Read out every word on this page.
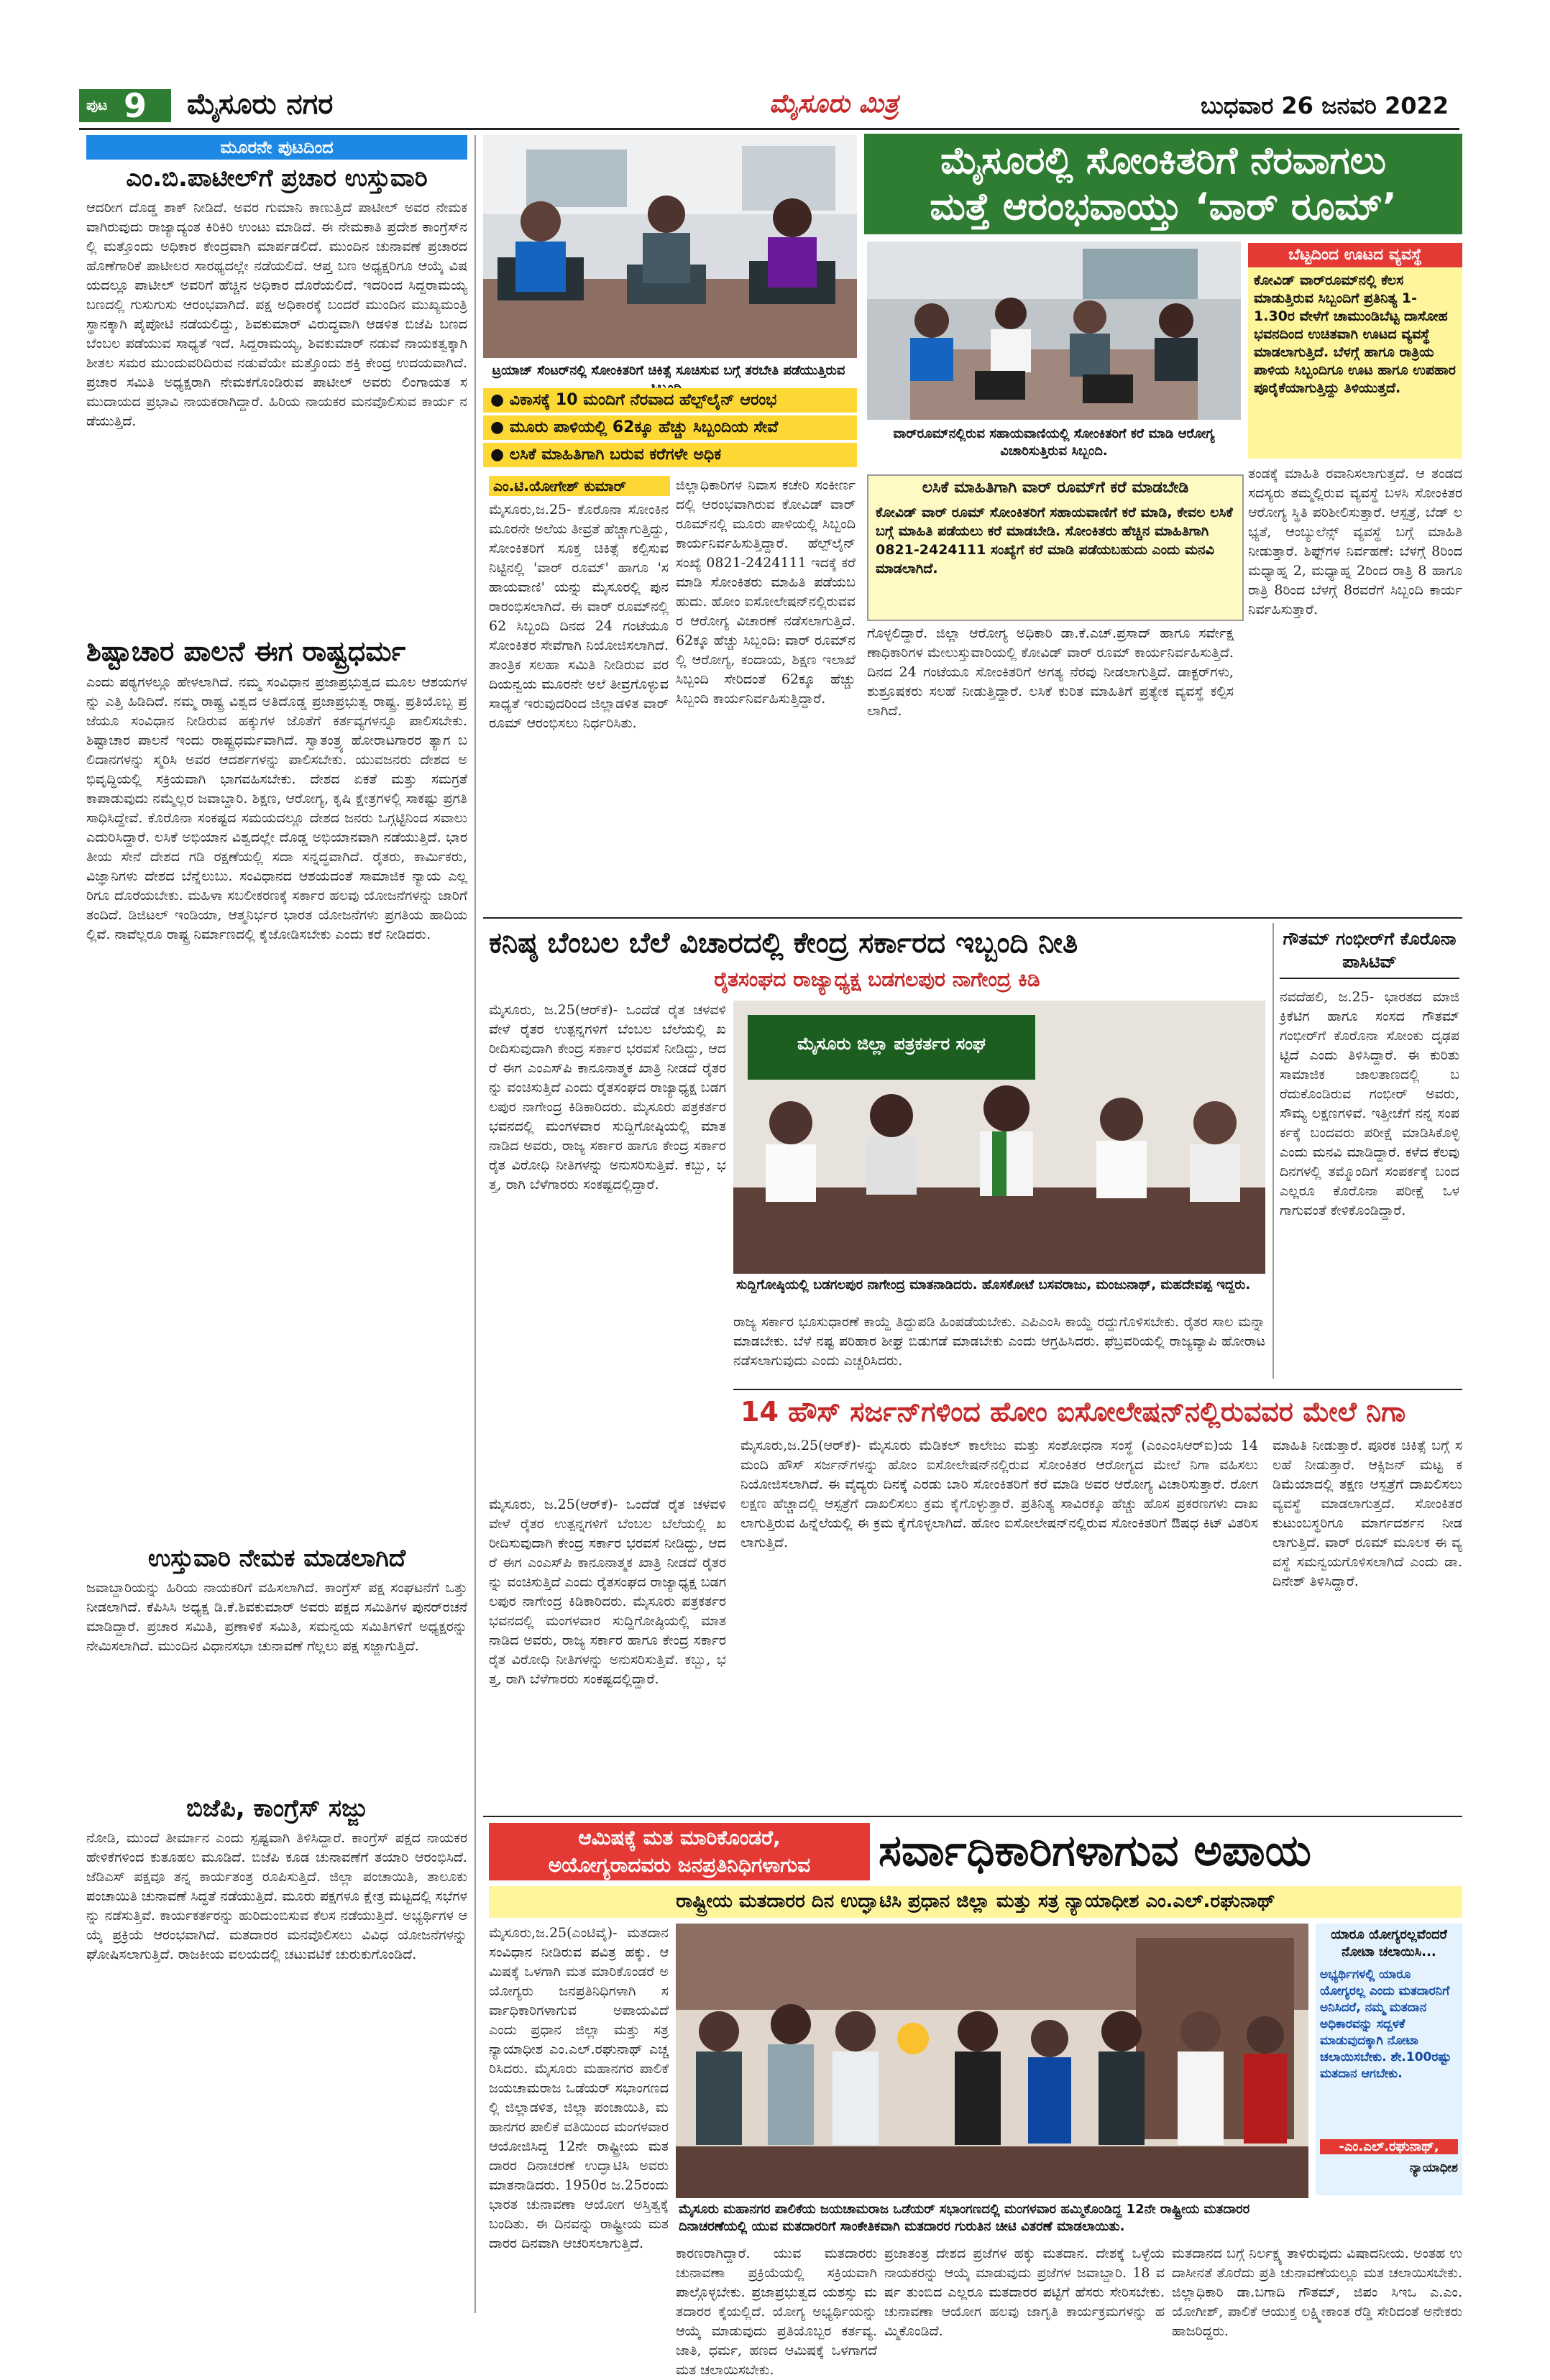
ಪುಟ 9 ಮೈಸೂರು ನಗರ	ಮೈಸೂರು ಮಿತ್ರ	ಬುಧವಾರ 26 ಜನವರಿ 2022
ಮೂರನೇ ಪುಟದಿಂದ
ಎಂ.ಬಿ.ಪಾಟೀಲ್‌ಗೆ ಪ್ರಚಾರ ಉಸ್ತುವಾರಿ
ಆದರೀಗ ದೊಡ್ಡ ಶಾಕ್ ನೀಡಿದೆ. ಅವರ ಗುಮಾನಿ ಕಾಣುತ್ತಿದೆ ಪಾಟೀಲ್ ಅವರ ನೇಮಕ ವಾಗಿರುವುದು ರಾಜ್ಯಾದ್ಯಂತ ಕಿರಿಕಿರಿ ಉಂಟು ಮಾಡಿದೆ. ಈ ನೇಮಕಾತಿ ಪ್ರದೇಶ ಕಾಂಗ್ರೆಸ್‌ನಲ್ಲಿ ಮತ್ತೊಂದು ಅಧಿಕಾರ ಕೇಂದ್ರವಾಗಿ ಮಾರ್ಪಡಲಿದೆ. ಮುಂದಿನ ಚುನಾವಣೆ ಪ್ರಚಾರದ ಹೊಣೆಗಾರಿಕೆ ಪಾಟೀಲರ ಸಾರಥ್ಯದಲ್ಲೇ ನಡೆಯಲಿದೆ. ಆಪ್ತ ಬಣ ಅಧ್ಯಕ್ಷರಿಗೂ ಆಯ್ಕೆ ವಿಷಯದಲ್ಲೂ ಪಾಟೀಲ್ ಅವರಿಗೆ ಹೆಚ್ಚಿನ ಅಧಿಕಾರ ದೊರೆಯಲಿದೆ. ಇದರಿಂದ ಸಿದ್ದರಾಮಯ್ಯ ಬಣದಲ್ಲಿ ಗುಸುಗುಸು ಆರಂಭವಾಗಿದೆ. ಪಕ್ಷ ಅಧಿಕಾರಕ್ಕೆ ಬಂದರೆ ಮುಂದಿನ ಮುಖ್ಯಮಂತ್ರಿ ಸ್ಥಾನಕ್ಕಾಗಿ ಪೈಪೋಟಿ ನಡೆಯಲಿದ್ದು, ಶಿವಕುಮಾರ್ ವಿರುದ್ಧವಾಗಿ ಆಡಳಿತ ಬಿಜೆಪಿ ಬಣದ ಬೆಂಬಲ ಪಡೆಯುವ ಸಾಧ್ಯತೆ ಇದೆ. ಸಿದ್ದರಾಮಯ್ಯ, ಶಿವಕುಮಾರ್ ನಡುವೆ ನಾಯಕತ್ವಕ್ಕಾಗಿ ಶೀತಲ ಸಮರ ಮುಂದುವರಿದಿರುವ ನಡುವೆಯೇ ಮತ್ತೊಂದು ಶಕ್ತಿ ಕೇಂದ್ರ ಉದಯವಾಗಿದೆ. ಪ್ರಚಾರ ಸಮಿತಿ ಅಧ್ಯಕ್ಷರಾಗಿ ನೇಮಕಗೊಂಡಿರುವ ಪಾಟೀಲ್ ಅವರು ಲಿಂಗಾಯತ ಸಮುದಾಯದ ಪ್ರಭಾವಿ ನಾಯಕರಾಗಿದ್ದಾರೆ. ಹಿರಿಯ ನಾಯಕರ ಮನವೊಲಿಸುವ ಕಾರ್ಯ ನಡೆಯುತ್ತಿದೆ.
ಶಿಷ್ಟಾಚಾರ ಪಾಲನೆ ಈಗ ರಾಷ್ಟ್ರಧರ್ಮ
ಎಂದು ಪಠ್ಯಗಳಲ್ಲೂ ಹೇಳಲಾಗಿದೆ. ನಮ್ಮ ಸಂವಿಧಾನ ಪ್ರಜಾಪ್ರಭುತ್ವದ ಮೂಲ ಆಶಯಗಳನ್ನು ಎತ್ತಿ ಹಿಡಿದಿದೆ. ನಮ್ಮ ರಾಷ್ಟ್ರ ವಿಶ್ವದ ಅತಿದೊಡ್ಡ ಪ್ರಜಾಪ್ರಭುತ್ವ ರಾಷ್ಟ್ರ. ಪ್ರತಿಯೊಬ್ಬ ಪ್ರಜೆಯೂ ಸಂವಿಧಾನ ನೀಡಿರುವ ಹಕ್ಕುಗಳ ಜೊತೆಗೆ ಕರ್ತವ್ಯಗಳನ್ನೂ ಪಾಲಿಸಬೇಕು. ಶಿಷ್ಟಾಚಾರ ಪಾಲನೆ ಇಂದು ರಾಷ್ಟ್ರಧರ್ಮವಾಗಿದೆ. ಸ್ವಾತಂತ್ರ್ಯ ಹೋರಾಟಗಾರರ ತ್ಯಾಗ ಬಲಿದಾನಗಳನ್ನು ಸ್ಮರಿಸಿ ಅವರ ಆದರ್ಶಗಳನ್ನು ಪಾಲಿಸಬೇಕು. ಯುವಜನರು ದೇಶದ ಅಭಿವೃದ್ಧಿಯಲ್ಲಿ ಸಕ್ರಿಯವಾಗಿ ಭಾಗವಹಿಸಬೇಕು. ದೇಶದ ಏಕತೆ ಮತ್ತು ಸಮಗ್ರತೆ ಕಾಪಾಡುವುದು ನಮ್ಮೆಲ್ಲರ ಜವಾಬ್ದಾರಿ. ಶಿಕ್ಷಣ, ಆರೋಗ್ಯ, ಕೃಷಿ ಕ್ಷೇತ್ರಗಳಲ್ಲಿ ಸಾಕಷ್ಟು ಪ್ರಗತಿ ಸಾಧಿಸಿದ್ದೇವೆ. ಕೊರೊನಾ ಸಂಕಷ್ಟದ ಸಮಯದಲ್ಲೂ ದೇಶದ ಜನರು ಒಗ್ಗಟ್ಟಿನಿಂದ ಸವಾಲು ಎದುರಿಸಿದ್ದಾರೆ. ಲಸಿಕೆ ಅಭಿಯಾನ ವಿಶ್ವದಲ್ಲೇ ದೊಡ್ಡ ಅಭಿಯಾನವಾಗಿ ನಡೆಯುತ್ತಿದೆ. ಭಾರತೀಯ ಸೇನೆ ದೇಶದ ಗಡಿ ರಕ್ಷಣೆಯಲ್ಲಿ ಸದಾ ಸನ್ನದ್ಧವಾಗಿದೆ. ರೈತರು, ಕಾರ್ಮಿಕರು, ವಿಜ್ಞಾನಿಗಳು ದೇಶದ ಬೆನ್ನೆಲುಬು. ಸಂವಿಧಾನದ ಆಶಯದಂತೆ ಸಾಮಾಜಿಕ ನ್ಯಾಯ ಎಲ್ಲರಿಗೂ ದೊರೆಯಬೇಕು. ಮಹಿಳಾ ಸಬಲೀಕರಣಕ್ಕೆ ಸರ್ಕಾರ ಹಲವು ಯೋಜನೆಗಳನ್ನು ಜಾರಿಗೆ ತಂದಿದೆ. ಡಿಜಿಟಲ್ ಇಂಡಿಯಾ, ಆತ್ಮನಿರ್ಭರ ಭಾರತ ಯೋಜನೆಗಳು ಪ್ರಗತಿಯ ಹಾದಿಯಲ್ಲಿವೆ. ನಾವೆಲ್ಲರೂ ರಾಷ್ಟ್ರ ನಿರ್ಮಾಣದಲ್ಲಿ ಕೈಜೋಡಿಸಬೇಕು ಎಂದು ಕರೆ ನೀಡಿದರು.
ಉಸ್ತುವಾರಿ ನೇಮಕ ಮಾಡಲಾಗಿದೆ
ಜವಾಬ್ದಾರಿಯನ್ನು ಹಿರಿಯ ನಾಯಕರಿಗೆ ವಹಿಸಲಾಗಿದೆ. ಕಾಂಗ್ರೆಸ್ ಪಕ್ಷ ಸಂಘಟನೆಗೆ ಒತ್ತು ನೀಡಲಾಗಿದೆ. ಕೆಪಿಸಿಸಿ ಅಧ್ಯಕ್ಷ ಡಿ.ಕೆ.ಶಿವಕುಮಾರ್ ಅವರು ಪಕ್ಷದ ಸಮಿತಿಗಳ ಪುನರ್‌ರಚನೆ ಮಾಡಿದ್ದಾರೆ. ಪ್ರಚಾರ ಸಮಿತಿ, ಪ್ರಣಾಳಿಕೆ ಸಮಿತಿ, ಸಮನ್ವಯ ಸಮಿತಿಗಳಿಗೆ ಅಧ್ಯಕ್ಷರನ್ನು ನೇಮಿಸಲಾಗಿದೆ. ಮುಂದಿನ ವಿಧಾನಸಭಾ ಚುನಾವಣೆ ಗೆಲ್ಲಲು ಪಕ್ಷ ಸಜ್ಜಾಗುತ್ತಿದೆ.
ಬಿಜೆಪಿ, ಕಾಂಗ್ರೆಸ್ ಸಜ್ಜು
ನೋಡಿ, ಮುಂದೆ ತೀರ್ಮಾನ ಎಂದು ಸ್ಪಷ್ಟವಾಗಿ ತಿಳಿಸಿದ್ದಾರೆ. ಕಾಂಗ್ರೆಸ್ ಪಕ್ಷದ ನಾಯಕರ ಹೇಳಿಕೆಗಳಿಂದ ಕುತೂಹಲ ಮೂಡಿದೆ. ಬಿಜೆಪಿ ಕೂಡ ಚುನಾವಣೆಗೆ ತಯಾರಿ ಆರಂಭಿಸಿದೆ. ಜೆಡಿಎಸ್ ಪಕ್ಷವೂ ತನ್ನ ಕಾರ್ಯತಂತ್ರ ರೂಪಿಸುತ್ತಿದೆ. ಜಿಲ್ಲಾ ಪಂಚಾಯಿತಿ, ತಾಲೂಕು ಪಂಚಾಯಿತಿ ಚುನಾವಣೆ ಸಿದ್ಧತೆ ನಡೆಯುತ್ತಿದೆ. ಮೂರು ಪಕ್ಷಗಳೂ ಕ್ಷೇತ್ರ ಮಟ್ಟದಲ್ಲಿ ಸಭೆಗಳನ್ನು ನಡೆಸುತ್ತಿವೆ. ಕಾರ್ಯಕರ್ತರನ್ನು ಹುರಿದುಂಬಿಸುವ ಕೆಲಸ ನಡೆಯುತ್ತಿದೆ. ಅಭ್ಯರ್ಥಿಗಳ ಆಯ್ಕೆ ಪ್ರಕ್ರಿಯೆ ಆರಂಭವಾಗಿದೆ. ಮತದಾರರ ಮನವೊಲಿಸಲು ವಿವಿಧ ಯೋಜನೆಗಳನ್ನು ಘೋಷಿಸಲಾಗುತ್ತಿದೆ. ರಾಜಕೀಯ ವಲಯದಲ್ಲಿ ಚಟುವಟಿಕೆ ಚುರುಕುಗೊಂಡಿದೆ.
ಟ್ರಯಾಜ್ ಸೆಂಟರ್‌ನಲ್ಲಿ ಸೋಂಕಿತರಿಗೆ ಚಿಕಿತ್ಸೆ ಸೂಚಿಸುವ ಬಗ್ಗೆ ತರಬೇತಿ ಪಡೆಯುತ್ತಿರುವ
ಮೈಸೂರಲ್ಲಿ ಸೋಂಕಿತರಿಗೆ ನೆರವಾಗಲು
ಮತ್ತೆ ಆರಂಭವಾಯ್ತು ‘ವಾರ್ ರೂಮ್’
ವಾರ್‌ರೂಮ್‌ನಲ್ಲಿರುವ ಸಹಾಯವಾಣಿಯಲ್ಲಿ ಸೋಂಕಿತರಿಗೆ ಕರೆ ಮಾಡಿ ಆರೋಗ್ಯ ವಿಚಾರಿಸುತ್ತಿರುವ ಸಿಬ್ಬಂದಿ.
ಬೆಟ್ಟದಿಂದ ಊಟದ ವ್ಯವಸ್ಥೆ
ಕೋವಿಡ್ ವಾರ್‌ರೂಮ್‌ನಲ್ಲಿ ಕೆಲಸ ಮಾಡುತ್ತಿರುವ ಸಿಬ್ಬಂದಿಗೆ ಪ್ರತಿನಿತ್ಯ 1-1.30ರ ವೇಳೆಗೆ ಚಾಮುಂಡಿಬೆಟ್ಟ ದಾಸೋಹ ಭವನದಿಂದ ಉಚಿತವಾಗಿ ಊಟದ ವ್ಯವಸ್ಥೆ ಮಾಡಲಾಗುತ್ತಿದೆ. ಬೆಳಗ್ಗೆ ಹಾಗೂ ರಾತ್ರಿಯ ಪಾಳಿಯ ಸಿಬ್ಬಂದಿಗೂ ಊಟ ಹಾಗೂ ಉಪಹಾರ ಪೂರೈಕೆಯಾಗುತ್ತಿದ್ದು ತಿಳಿಯುತ್ತದೆ.
● ವಿಕಾಸಕ್ಕೆ 10 ಮಂದಿಗೆ ನೆರವಾದ ಹೆಲ್ಪ್‌ಲೈನ್ ಆರಂಭ
● ಮೂರು ಪಾಳಿಯಲ್ಲಿ 62ಕ್ಕೂ ಹೆಚ್ಚು ಸಿಬ್ಬಂದಿಯ ಸೇವೆ
● ಲಸಿಕೆ ಮಾಹಿತಿಗಾಗಿ ಬರುವ ಕರೆಗಳೇ ಅಧಿಕ
ಎಂ.ಟಿ.ಯೋಗೇಶ್ ಕುಮಾರ್
ಮೈಸೂರು,ಜ.25- ಕೊರೊನಾ ಸೋಂಕಿನ ಮೂರನೇ ಅಲೆಯ ತೀವ್ರತೆ ಹೆಚ್ಚಾಗುತ್ತಿದ್ದು, ಸೋಂಕಿತರಿಗೆ ಸೂಕ್ತ ಚಿಕಿತ್ಸೆ ಕಲ್ಪಿಸುವ ನಿಟ್ಟಿನಲ್ಲಿ 'ವಾರ್ ರೂಮ್' ಹಾಗೂ 'ಸಹಾಯವಾಣಿ' ಯನ್ನು ಮೈಸೂರಲ್ಲಿ ಪುನರಾರಂಭಿಸಲಾಗಿದೆ. ಈ ವಾರ್ ರೂಮ್‌ನಲ್ಲಿ 62 ಸಿಬ್ಬಂದಿ ದಿನದ 24 ಗಂಟೆಯೂ ಸೋಂಕಿತರ ಸೇವೆಗಾಗಿ ನಿಯೋಜಿಸಲಾಗಿದೆ. ತಾಂತ್ರಿಕ ಸಲಹಾ ಸಮಿತಿ ನೀಡಿರುವ ವರದಿಯನ್ವಯ ಮೂರನೇ ಅಲೆ ತೀವ್ರಗೊಳ್ಳುವ ಸಾಧ್ಯತೆ ಇರುವುದರಿಂದ ಜಿಲ್ಲಾಡಳಿತ ವಾರ್ ರೂಮ್ ಆರಂಭಿಸಲು ನಿರ್ಧರಿಸಿತು.
ಜಿಲ್ಲಾಧಿಕಾರಿಗಳ ನಿವಾಸ ಕಚೇರಿ ಸಂಕೀರ್ಣದಲ್ಲಿ ಆರಂಭವಾಗಿರುವ ಕೋವಿಡ್ ವಾರ್ ರೂಮ್‌ನಲ್ಲಿ ಮೂರು ಪಾಳಿಯಲ್ಲಿ ಸಿಬ್ಬಂದಿ ಕಾರ್ಯನಿರ್ವಹಿಸುತ್ತಿದ್ದಾರೆ. ಹೆಲ್ಪ್‌ಲೈನ್ ಸಂಖ್ಯೆ 0821-2424111 ಇದಕ್ಕೆ ಕರೆ ಮಾಡಿ ಸೋಂಕಿತರು ಮಾಹಿತಿ ಪಡೆಯಬಹುದು. ಹೋಂ ಐಸೋಲೇಷನ್‌ನಲ್ಲಿರುವವರ ಆರೋಗ್ಯ ವಿಚಾರಣೆ ನಡೆಸಲಾಗುತ್ತಿದೆ. 62ಕ್ಕೂ ಹೆಚ್ಚು ಸಿಬ್ಬಂದಿ: ವಾರ್ ರೂಮ್‌ನಲ್ಲಿ ಆರೋಗ್ಯ, ಕಂದಾಯ, ಶಿಕ್ಷಣ ಇಲಾಖೆ ಸಿಬ್ಬಂದಿ ಸೇರಿದಂತೆ 62ಕ್ಕೂ ಹೆಚ್ಚು ಸಿಬ್ಬಂದಿ ಕಾರ್ಯನಿರ್ವಹಿಸುತ್ತಿದ್ದಾರೆ.
ಲಸಿಕೆ ಮಾಹಿತಿಗಾಗಿ ವಾರ್ ರೂಮ್‌ಗೆ ಕರೆ ಮಾಡಬೇಡಿ
ಕೋವಿಡ್ ವಾರ್ ರೂಮ್ ಸೋಂಕಿತರಿಗೆ ಸಹಾಯವಾಣಿಗೆ ಕರೆ ಮಾಡಿ, ಕೇವಲ ಲಸಿಕೆ ಬಗ್ಗೆ ಮಾಹಿತಿ ಪಡೆಯಲು ಕರೆ ಮಾಡಬೇಡಿ. ಸೋಂಕಿತರು ಹೆಚ್ಚಿನ ಮಾಹಿತಿಗಾಗಿ 0821-2424111 ಸಂಖ್ಯೆಗೆ ಕರೆ ಮಾಡಿ ಪಡೆಯಬಹುದು ಎಂದು ಮನವಿ ಮಾಡಲಾಗಿದೆ.
ಗೊಳ್ಳಲಿದ್ದಾರೆ. ಜಿಲ್ಲಾ ಆರೋಗ್ಯ ಅಧಿಕಾರಿ ಡಾ.ಕೆ.ಎಚ್.ಪ್ರಸಾದ್ ಹಾಗೂ ಸರ್ವೇಕ್ಷಣಾಧಿಕಾರಿಗಳ ಮೇಲುಸ್ತುವಾರಿಯಲ್ಲಿ ಕೋವಿಡ್ ವಾರ್ ರೂಮ್ ಕಾರ್ಯನಿರ್ವಹಿಸುತ್ತಿದೆ. ದಿನದ 24 ಗಂಟೆಯೂ ಸೋಂಕಿತರಿಗೆ ಅಗತ್ಯ ನೆರವು ನೀಡಲಾಗುತ್ತಿದೆ. ಡಾಕ್ಟರ್‌ಗಳು, ಶುಶ್ರೂಷಕರು ಸಲಹೆ ನೀಡುತ್ತಿದ್ದಾರೆ. ಲಸಿಕೆ ಕುರಿತ ಮಾಹಿತಿಗೆ ಪ್ರತ್ಯೇಕ ವ್ಯವಸ್ಥೆ ಕಲ್ಪಿಸಲಾಗಿದೆ.
ತಂಡಕ್ಕೆ ಮಾಹಿತಿ ರವಾನಿಸಲಾಗುತ್ತದೆ. ಆ ತಂಡದ ಸದಸ್ಯರು ತಮ್ಮಲ್ಲಿರುವ ವ್ಯವಸ್ಥೆ ಬಳಸಿ ಸೋಂಕಿತರ ಆರೋಗ್ಯ ಸ್ಥಿತಿ ಪರಿಶೀಲಿಸುತ್ತಾರೆ. ಆಸ್ಪತ್ರೆ, ಬೆಡ್ ಲಭ್ಯತೆ, ಆಂಬ್ಯುಲೆನ್ಸ್ ವ್ಯವಸ್ಥೆ ಬಗ್ಗೆ ಮಾಹಿತಿ ನೀಡುತ್ತಾರೆ. ಶಿಫ್ಟ್‌ಗಳ ನಿರ್ವಹಣೆ: ಬೆಳಗ್ಗೆ 8ರಿಂದ ಮಧ್ಯಾಹ್ನ 2, ಮಧ್ಯಾಹ್ನ 2ರಿಂದ ರಾತ್ರಿ 8 ಹಾಗೂ ರಾತ್ರಿ 8ರಿಂದ ಬೆಳಗ್ಗೆ 8ರವರೆಗೆ ಸಿಬ್ಬಂದಿ ಕಾರ್ಯನಿರ್ವಹಿಸುತ್ತಾರೆ.
ಕನಿಷ್ಠ ಬೆಂಬಲ ಬೆಲೆ ವಿಚಾರದಲ್ಲಿ ಕೇಂದ್ರ ಸರ್ಕಾರದ ಇಬ್ಬಂದಿ ನೀತಿ
ರೈತಸಂಘದ ರಾಜ್ಯಾಧ್ಯಕ್ಷ ಬಡಗಲಪುರ ನಾಗೇಂದ್ರ ಕಿಡಿ
ಮೈಸೂರು, ಜ.25(ಆರ್‌ಕೆ)- ಒಂದೆಡೆ ರೈತ ಚಳವಳಿ ವೇಳೆ ರೈತರ ಉತ್ಪನ್ನಗಳಿಗೆ ಬೆಂಬಲ ಬೆಲೆಯಲ್ಲಿ ಖರೀದಿಸುವುದಾಗಿ ಕೇಂದ್ರ ಸರ್ಕಾರ ಭರವಸೆ ನೀಡಿದ್ದು, ಆದರೆ ಈಗ ಎಂಎಸ್‌ಪಿ ಕಾನೂನಾತ್ಮಕ ಖಾತ್ರಿ ನೀಡದೆ ರೈತರನ್ನು ವಂಚಿಸುತ್ತಿದೆ ಎಂದು ರೈತಸಂಘದ ರಾಜ್ಯಾಧ್ಯಕ್ಷ ಬಡಗಲಪುರ ನಾಗೇಂದ್ರ ಕಿಡಿಕಾರಿದರು. ಮೈಸೂರು ಪತ್ರಕರ್ತರ ಭವನದಲ್ಲಿ ಮಂಗಳವಾರ ಸುದ್ದಿಗೋಷ್ಠಿಯಲ್ಲಿ ಮಾತನಾಡಿದ ಅವರು, ರಾಜ್ಯ ಸರ್ಕಾರ ಹಾಗೂ ಕೇಂದ್ರ ಸರ್ಕಾರ ರೈತ ವಿರೋಧಿ ನೀತಿಗಳನ್ನು ಅನುಸರಿಸುತ್ತಿವೆ. ಕಬ್ಬು, ಭತ್ತ, ರಾಗಿ ಬೆಳೆಗಾರರು ಸಂಕಷ್ಟದಲ್ಲಿದ್ದಾರೆ.
ಮೈಸೂರು ಜಿಲ್ಲಾ ಪತ್ರಕರ್ತರ ಸಂಘ
ರಾಜ್ಯ ಸರ್ಕಾರ ಭೂಸುಧಾರಣೆ ಕಾಯ್ದೆ ತಿದ್ದುಪಡಿ ಹಿಂಪಡೆಯಬೇಕು. ಎಪಿಎಂಸಿ ಕಾಯ್ದೆ ರದ್ದುಗೊಳಿಸಬೇಕು. ರೈತರ ಸಾಲ ಮನ್ನಾ ಮಾಡಬೇಕು. ಬೆಳೆ ನಷ್ಟ ಪರಿಹಾರ ಶೀಘ್ರ ಬಿಡುಗಡೆ ಮಾಡಬೇಕು ಎಂದು ಆಗ್ರಹಿಸಿದರು. ಫೆಬ್ರವರಿಯಲ್ಲಿ ರಾಜ್ಯವ್ಯಾಪಿ ಹೋರಾಟ ನಡೆಸಲಾಗುವುದು ಎಂದು ಎಚ್ಚರಿಸಿದರು.
ಸುದ್ದಿಗೋಷ್ಠಿಯಲ್ಲಿ ಬಡಗಲಪುರ ನಾಗೇಂದ್ರ ಮಾತನಾಡಿದರು. ಹೊಸಕೋಟೆ ಬಸವರಾಜು, ಮಂಜುನಾಥ್, ಮಹದೇವಪ್ಪ ಇದ್ದರು.
ಗೌತಮ್ ಗಂಭೀರ್‌ಗೆ ಕೊರೊನಾ ಪಾಸಿಟಿವ್
ನವದೆಹಲಿ, ಜ.25- ಭಾರತದ ಮಾಜಿ ಕ್ರಿಕೆಟಿಗ ಹಾಗೂ ಸಂಸದ ಗೌತಮ್ ಗಂಭೀರ್‌ಗೆ ಕೊರೊನಾ ಸೋಂಕು ದೃಢಪಟ್ಟಿದೆ ಎಂದು ತಿಳಿಸಿದ್ದಾರೆ. ಈ ಕುರಿತು ಸಾಮಾಜಿಕ ಜಾಲತಾಣದಲ್ಲಿ ಬರೆದುಕೊಂಡಿರುವ ಗಂಭೀರ್ ಅವರು, ಸೌಮ್ಯ ಲಕ್ಷಣಗಳಿವೆ. ಇತ್ತೀಚೆಗೆ ನನ್ನ ಸಂಪರ್ಕಕ್ಕೆ ಬಂದವರು ಪರೀಕ್ಷೆ ಮಾಡಿಸಿಕೊಳ್ಳಿ ಎಂದು ಮನವಿ ಮಾಡಿದ್ದಾರೆ. ಕಳೆದ ಕೆಲವು ದಿನಗಳಲ್ಲಿ ತಮ್ಮೊಂದಿಗೆ ಸಂಪರ್ಕಕ್ಕೆ ಬಂದ ಎಲ್ಲರೂ ಕೊರೊನಾ ಪರೀಕ್ಷೆ ಒಳಗಾಗುವಂತೆ ಕೇಳಿಕೊಂಡಿದ್ದಾರೆ.
14 ಹೌಸ್ ಸರ್ಜನ್‌ಗಳಿಂದ ಹೋಂ ಐಸೋಲೇಷನ್‌ನಲ್ಲಿರುವವರ ಮೇಲೆ ನಿಗಾ
ಮೈಸೂರು,ಜ.25(ಆರ್‌ಕೆ)- ಮೈಸೂರು ಮೆಡಿಕಲ್ ಕಾಲೇಜು ಮತ್ತು ಸಂಶೋಧನಾ ಸಂಸ್ಥೆ (ಎಂಎಂಸಿಆರ್‌ಐ)ಯ 14 ಮಂದಿ ಹೌಸ್ ಸರ್ಜನ್‌ಗಳನ್ನು ಹೋಂ ಐಸೋಲೇಷನ್‌ನಲ್ಲಿರುವ ಸೋಂಕಿತರ ಆರೋಗ್ಯದ ಮೇಲೆ ನಿಗಾ ವಹಿಸಲು ನಿಯೋಜಿಸಲಾಗಿದೆ. ಈ ವೈದ್ಯರು ದಿನಕ್ಕೆ ಎರಡು ಬಾರಿ ಸೋಂಕಿತರಿಗೆ ಕರೆ ಮಾಡಿ ಅವರ ಆರೋಗ್ಯ ವಿಚಾರಿಸುತ್ತಾರೆ. ರೋಗ ಲಕ್ಷಣ ಹೆಚ್ಚಾದಲ್ಲಿ ಆಸ್ಪತ್ರೆಗೆ ದಾಖಲಿಸಲು ಕ್ರಮ ಕೈಗೊಳ್ಳುತ್ತಾರೆ. ಪ್ರತಿನಿತ್ಯ ಸಾವಿರಕ್ಕೂ ಹೆಚ್ಚು ಹೊಸ ಪ್ರಕರಣಗಳು ದಾಖಲಾಗುತ್ತಿರುವ ಹಿನ್ನೆಲೆಯಲ್ಲಿ ಈ ಕ್ರಮ ಕೈಗೊಳ್ಳಲಾಗಿದೆ. ಹೋಂ ಐಸೋಲೇಷನ್‌ನಲ್ಲಿರುವ ಸೋಂಕಿತರಿಗೆ ಔಷಧ ಕಿಟ್ ವಿತರಿಸಲಾಗುತ್ತಿದೆ.
ಮಾಹಿತಿ ನೀಡುತ್ತಾರೆ. ಪೂರಕ ಚಿಕಿತ್ಸೆ ಬಗ್ಗೆ ಸಲಹೆ ನೀಡುತ್ತಾರೆ. ಆಕ್ಸಿಜನ್ ಮಟ್ಟ ಕಡಿಮೆಯಾದಲ್ಲಿ ತಕ್ಷಣ ಆಸ್ಪತ್ರೆಗೆ ದಾಖಲಿಸಲು ವ್ಯವಸ್ಥೆ ಮಾಡಲಾಗುತ್ತದೆ. ಸೋಂಕಿತರ ಕುಟುಂಬಸ್ಥರಿಗೂ ಮಾರ್ಗದರ್ಶನ ನೀಡಲಾಗುತ್ತಿದೆ. ವಾರ್ ರೂಮ್ ಮೂಲಕ ಈ ವ್ಯವಸ್ಥೆ ಸಮನ್ವಯಗೊಳಿಸಲಾಗಿದೆ ಎಂದು ಡಾ. ದಿನೇಶ್ ತಿಳಿಸಿದ್ದಾರೆ.
ಮೈಸೂರು, ಜ.25(ಆರ್‌ಕೆ)- ಒಂದೆಡೆ ರೈತ ಚಳವಳಿ ವೇಳೆ ರೈತರ ಉತ್ಪನ್ನಗಳಿಗೆ ಬೆಂಬಲ ಬೆಲೆಯಲ್ಲಿ ಖರೀದಿಸುವುದಾಗಿ ಕೇಂದ್ರ ಸರ್ಕಾರ ಭರವಸೆ ನೀಡಿದ್ದು, ಆದರೆ ಈಗ ಎಂಎಸ್‌ಪಿ ಕಾನೂನಾತ್ಮಕ ಖಾತ್ರಿ ನೀಡದೆ ರೈತರನ್ನು ವಂಚಿಸುತ್ತಿದೆ ಎಂದು ರೈತಸಂಘದ ರಾಜ್ಯಾಧ್ಯಕ್ಷ ಬಡಗಲಪುರ ನಾಗೇಂದ್ರ ಕಿಡಿಕಾರಿದರು. ಮೈಸೂರು ಪತ್ರಕರ್ತರ ಭವನದಲ್ಲಿ ಮಂಗಳವಾರ ಸುದ್ದಿಗೋಷ್ಠಿಯಲ್ಲಿ ಮಾತನಾಡಿದ ಅವರು, ರಾಜ್ಯ ಸರ್ಕಾರ ಹಾಗೂ ಕೇಂದ್ರ ಸರ್ಕಾರ ರೈತ ವಿರೋಧಿ ನೀತಿಗಳನ್ನು ಅನುಸರಿಸುತ್ತಿವೆ. ಕಬ್ಬು, ಭತ್ತ, ರಾಗಿ ಬೆಳೆಗಾರರು ಸಂಕಷ್ಟದಲ್ಲಿದ್ದಾರೆ.
ಆಮಿಷಕ್ಕೆ ಮತ ಮಾರಿಕೊಂಡರೆ,
ಅಯೋಗ್ಯರಾದವರು ಜನಪ್ರತಿನಿಧಿಗಳಾಗುವ	ಸರ್ವಾಧಿಕಾರಿಗಳಾಗುವ ಅಪಾಯ
ರಾಷ್ಟ್ರೀಯ ಮತದಾರರ ದಿನ ಉದ್ಘಾಟಿಸಿ ಪ್ರಧಾನ ಜಿಲ್ಲಾ ಮತ್ತು ಸತ್ರ ನ್ಯಾಯಾಧೀಶ ಎಂ.ಎಲ್.ರಘುನಾಥ್
ಮೈಸೂರು,ಜ.25(ಎಂಟಿವೈ)- ಮತದಾನ ಸಂವಿಧಾನ ನೀಡಿರುವ ಪವಿತ್ರ ಹಕ್ಕು. ಆಮಿಷಕ್ಕೆ ಒಳಗಾಗಿ ಮತ ಮಾರಿಕೊಂಡರೆ ಅಯೋಗ್ಯರು ಜನಪ್ರತಿನಿಧಿಗಳಾಗಿ ಸರ್ವಾಧಿಕಾರಿಗಳಾಗುವ ಅಪಾಯವಿದೆ ಎಂದು ಪ್ರಧಾನ ಜಿಲ್ಲಾ ಮತ್ತು ಸತ್ರ ನ್ಯಾಯಾಧೀಶ ಎಂ.ಎಲ್.ರಘುನಾಥ್ ಎಚ್ಚರಿಸಿದರು. ಮೈಸೂರು ಮಹಾನಗರ ಪಾಲಿಕೆ ಜಯಚಾಮರಾಜ ಒಡೆಯರ್ ಸಭಾಂಗಣದಲ್ಲಿ ಜಿಲ್ಲಾಡಳಿತ, ಜಿಲ್ಲಾ ಪಂಚಾಯಿತಿ, ಮಹಾನಗರ ಪಾಲಿಕೆ ವತಿಯಿಂದ ಮಂಗಳವಾರ ಆಯೋಜಿಸಿದ್ದ 12ನೇ ರಾಷ್ಟ್ರೀಯ ಮತದಾರರ ದಿನಾಚರಣೆ ಉದ್ಘಾಟಿಸಿ ಅವರು ಮಾತನಾಡಿದರು. 1950ರ ಜ.25ರಂದು ಭಾರತ ಚುನಾವಣಾ ಆಯೋಗ ಅಸ್ತಿತ್ವಕ್ಕೆ ಬಂದಿತು. ಈ ದಿನವನ್ನು ರಾಷ್ಟ್ರೀಯ ಮತದಾರರ ದಿನವಾಗಿ ಆಚರಿಸಲಾಗುತ್ತಿದೆ.
ಮೈಸೂರು ಮಹಾನಗರ ಪಾಲಿಕೆಯ ಜಯಚಾಮರಾಜ ಒಡೆಯರ್ ಸಭಾಂಗಣದಲ್ಲಿ ಮಂಗಳವಾರ ಹಮ್ಮಿಕೊಂಡಿದ್ದ 12ನೇ ರಾಷ್ಟ್ರೀಯ ಮತದಾರರ ದಿನಾಚರಣೆಯಲ್ಲಿ ಯುವ ಮತದಾರರಿಗೆ ಸಾಂಕೇತಿಕವಾಗಿ ಮತದಾರರ ಗುರುತಿನ ಚೀಟಿ ವಿತರಣೆ ಮಾಡಲಾಯಿತು.
ಯಾರೂ ಯೋಗ್ಯರಲ್ಲವೆಂದರೆ ನೋಟಾ ಚಲಾಯಿಸಿ...
ಅಭ್ಯರ್ಥಿಗಳಲ್ಲಿ ಯಾರೂ ಯೋಗ್ಯರಲ್ಲ ಎಂದು ಮತದಾರನಿಗೆ ಅನಿಸಿದರೆ, ನಮ್ಮ ಮತದಾನ ಅಧಿಕಾರವನ್ನು ಸದ್ಬಳಕೆ ಮಾಡುವುದಕ್ಕಾಗಿ ನೋಟಾ ಚಲಾಯಿಸಬೇಕು. ಶೇ.100ರಷ್ಟು ಮತದಾನ ಆಗಬೇಕು.
-ಎಂ.ಎಲ್.ರಘುನಾಥ್,
ನ್ಯಾಯಾಧೀಶ
ಕಾರಣರಾಗಿದ್ದಾರೆ. ಯುವ ಮತದಾರರು ಚುನಾವಣಾ ಪ್ರಕ್ರಿಯೆಯಲ್ಲಿ ಸಕ್ರಿಯವಾಗಿ ಪಾಲ್ಗೊಳ್ಳಬೇಕು. ಪ್ರಜಾಪ್ರಭುತ್ವದ ಯಶಸ್ಸು ಮತದಾರರ ಕೈಯಲ್ಲಿದೆ. ಯೋಗ್ಯ ಅಭ್ಯರ್ಥಿಯನ್ನು ಆಯ್ಕೆ ಮಾಡುವುದು ಪ್ರತಿಯೊಬ್ಬರ ಕರ್ತವ್ಯ. ಜಾತಿ, ಧರ್ಮ, ಹಣದ ಆಮಿಷಕ್ಕೆ ಒಳಗಾಗದೆ ಮತ ಚಲಾಯಿಸಬೇಕು.
ಪ್ರಜಾತಂತ್ರ ದೇಶದ ಪ್ರಜೆಗಳ ಹಕ್ಕು ಮತದಾನ. ದೇಶಕ್ಕೆ ಒಳ್ಳೆಯ ನಾಯಕರನ್ನು ಆಯ್ಕೆ ಮಾಡುವುದು ಪ್ರಜೆಗಳ ಜವಾಬ್ದಾರಿ. 18 ವರ್ಷ ತುಂಬಿದ ಎಲ್ಲರೂ ಮತದಾರರ ಪಟ್ಟಿಗೆ ಹೆಸರು ಸೇರಿಸಬೇಕು. ಚುನಾವಣಾ ಆಯೋಗ ಹಲವು ಜಾಗೃತಿ ಕಾರ್ಯಕ್ರಮಗಳನ್ನು ಹಮ್ಮಿಕೊಂಡಿದೆ.
ಮತದಾನದ ಬಗ್ಗೆ ನಿರ್ಲಕ್ಷ್ಯ ತಾಳಿರುವುದು ವಿಷಾದನೀಯ. ಅಂತಹ ಉದಾಸೀನತೆ ತೊರೆದು ಪ್ರತಿ ಚುನಾವಣೆಯಲ್ಲೂ ಮತ ಚಲಾಯಿಸಬೇಕು. ಜಿಲ್ಲಾಧಿಕಾರಿ ಡಾ.ಬಗಾದಿ ಗೌತಮ್, ಜಿಪಂ ಸಿಇಒ ಎ.ಎಂ.ಯೋಗೀಶ್, ಪಾಲಿಕೆ ಆಯುಕ್ತ ಲಕ್ಷ್ಮೀಕಾಂತ ರೆಡ್ಡಿ ಸೇರಿದಂತೆ ಅನೇಕರು ಹಾಜರಿದ್ದರು.
